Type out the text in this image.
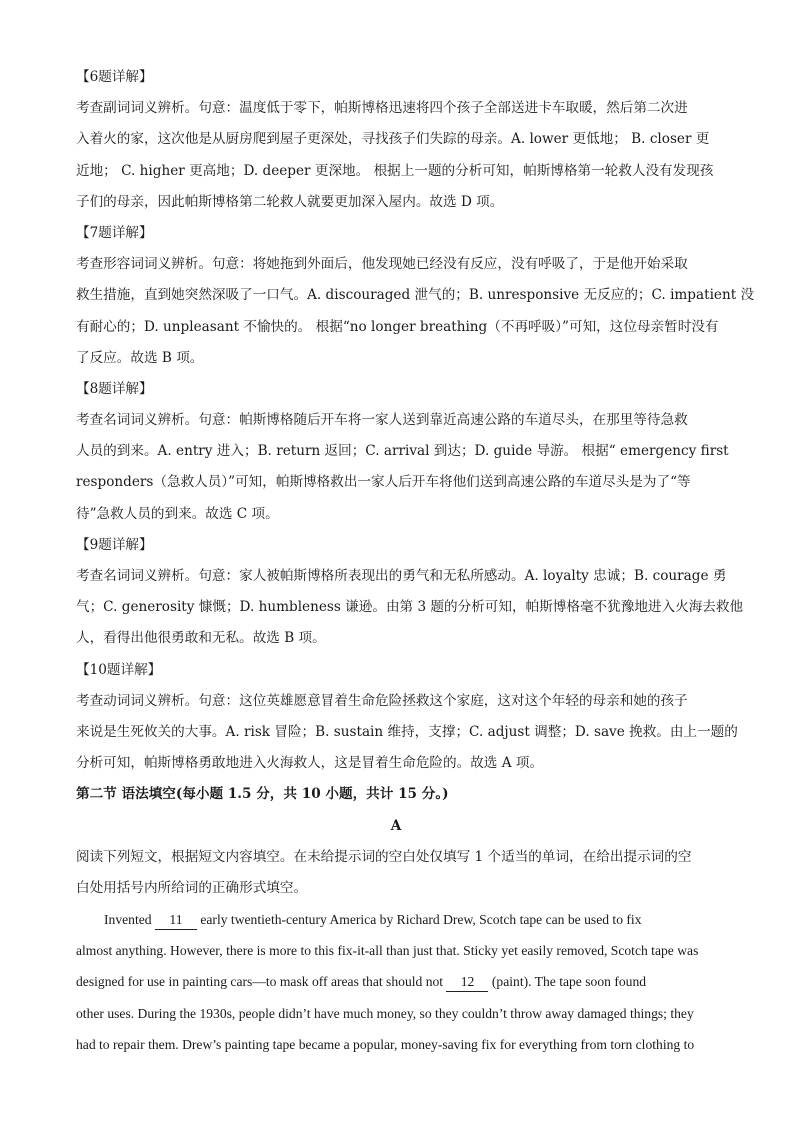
【6题详解】
考查副词词义辨析。句意：温度低于零下，帕斯博格迅速将四个孩子全部送进卡车取暖，然后第二次进
入着火的家，这次他是从厨房爬到屋子更深处，寻找孩子们失踪的母亲。A. lower 更低地； B. closer 更
近地； C. higher 更高地；D. deeper 更深地。 根据上一题的分析可知，帕斯博格第一轮救人没有发现孩
子们的母亲，因此帕斯博格第二轮救人就要更加深入屋内。故选 D 项。
【7题详解】
考查形容词词义辨析。句意：将她拖到外面后，他发现她已经没有反应，没有呼吸了，于是他开始采取
救生措施，直到她突然深吸了一口气。A. discouraged 泄气的；B. unresponsive 无反应的；C. impatient 没
有耐心的；D. unpleasant 不愉快的。 根据“no longer breathing（不再呼吸）”可知，这位母亲暂时没有
了反应。故选 B 项。
【8题详解】
考查名词词义辨析。句意：帕斯博格随后开车将一家人送到靠近高速公路的车道尽头，在那里等待急救
人员的到来。A. entry 进入；B. return 返回；C. arrival 到达；D. guide 导游。 根据“ emergency first
responders（急救人员）”可知，帕斯博格救出一家人后开车将他们送到高速公路的车道尽头是为了“等
待”急救人员的到来。故选 C 项。
【9题详解】
考查名词词义辨析。句意：家人被帕斯博格所表现出的勇气和无私所感动。A. loyalty 忠诚；B. courage 勇
气；C. generosity 慷慨；D. humbleness 谦逊。由第 3 题的分析可知，帕斯博格毫不犹豫地进入火海去救他
人，看得出他很勇敢和无私。故选 B 项。
【10题详解】
考查动词词义辨析。句意：这位英雄愿意冒着生命危险拯救这个家庭，这对这个年轻的母亲和她的孩子
来说是生死攸关的大事。A. risk 冒险；B. sustain 维持，支撑；C. adjust 调整；D. save 挽救。由上一题的
分析可知，帕斯博格勇敢地进入火海救人，这是冒着生命危险的。故选 A 项。
第二节 语法填空(每小题 1.5 分，共 10 小题，共计 15 分。)
A
阅读下列短文，根据短文内容填空。在未给提示词的空白处仅填写 1 个适当的单词，在给出提示词的空
白处用括号内所给词的正确形式填空。
Invented 11 early twentieth-century America by Richard Drew, Scotch tape can be used to fix
almost anything. However, there is more to this fix-it-all than just that. Sticky yet easily removed, Scotch tape was
designed for use in painting cars—to mask off areas that should not 12 (paint). The tape soon found
other uses. During the 1930s, people didn’t have much money, so they couldn’t throw away damaged things; they
had to repair them. Drew’s painting tape became a popular, money-saving fix for everything from torn clothing to
